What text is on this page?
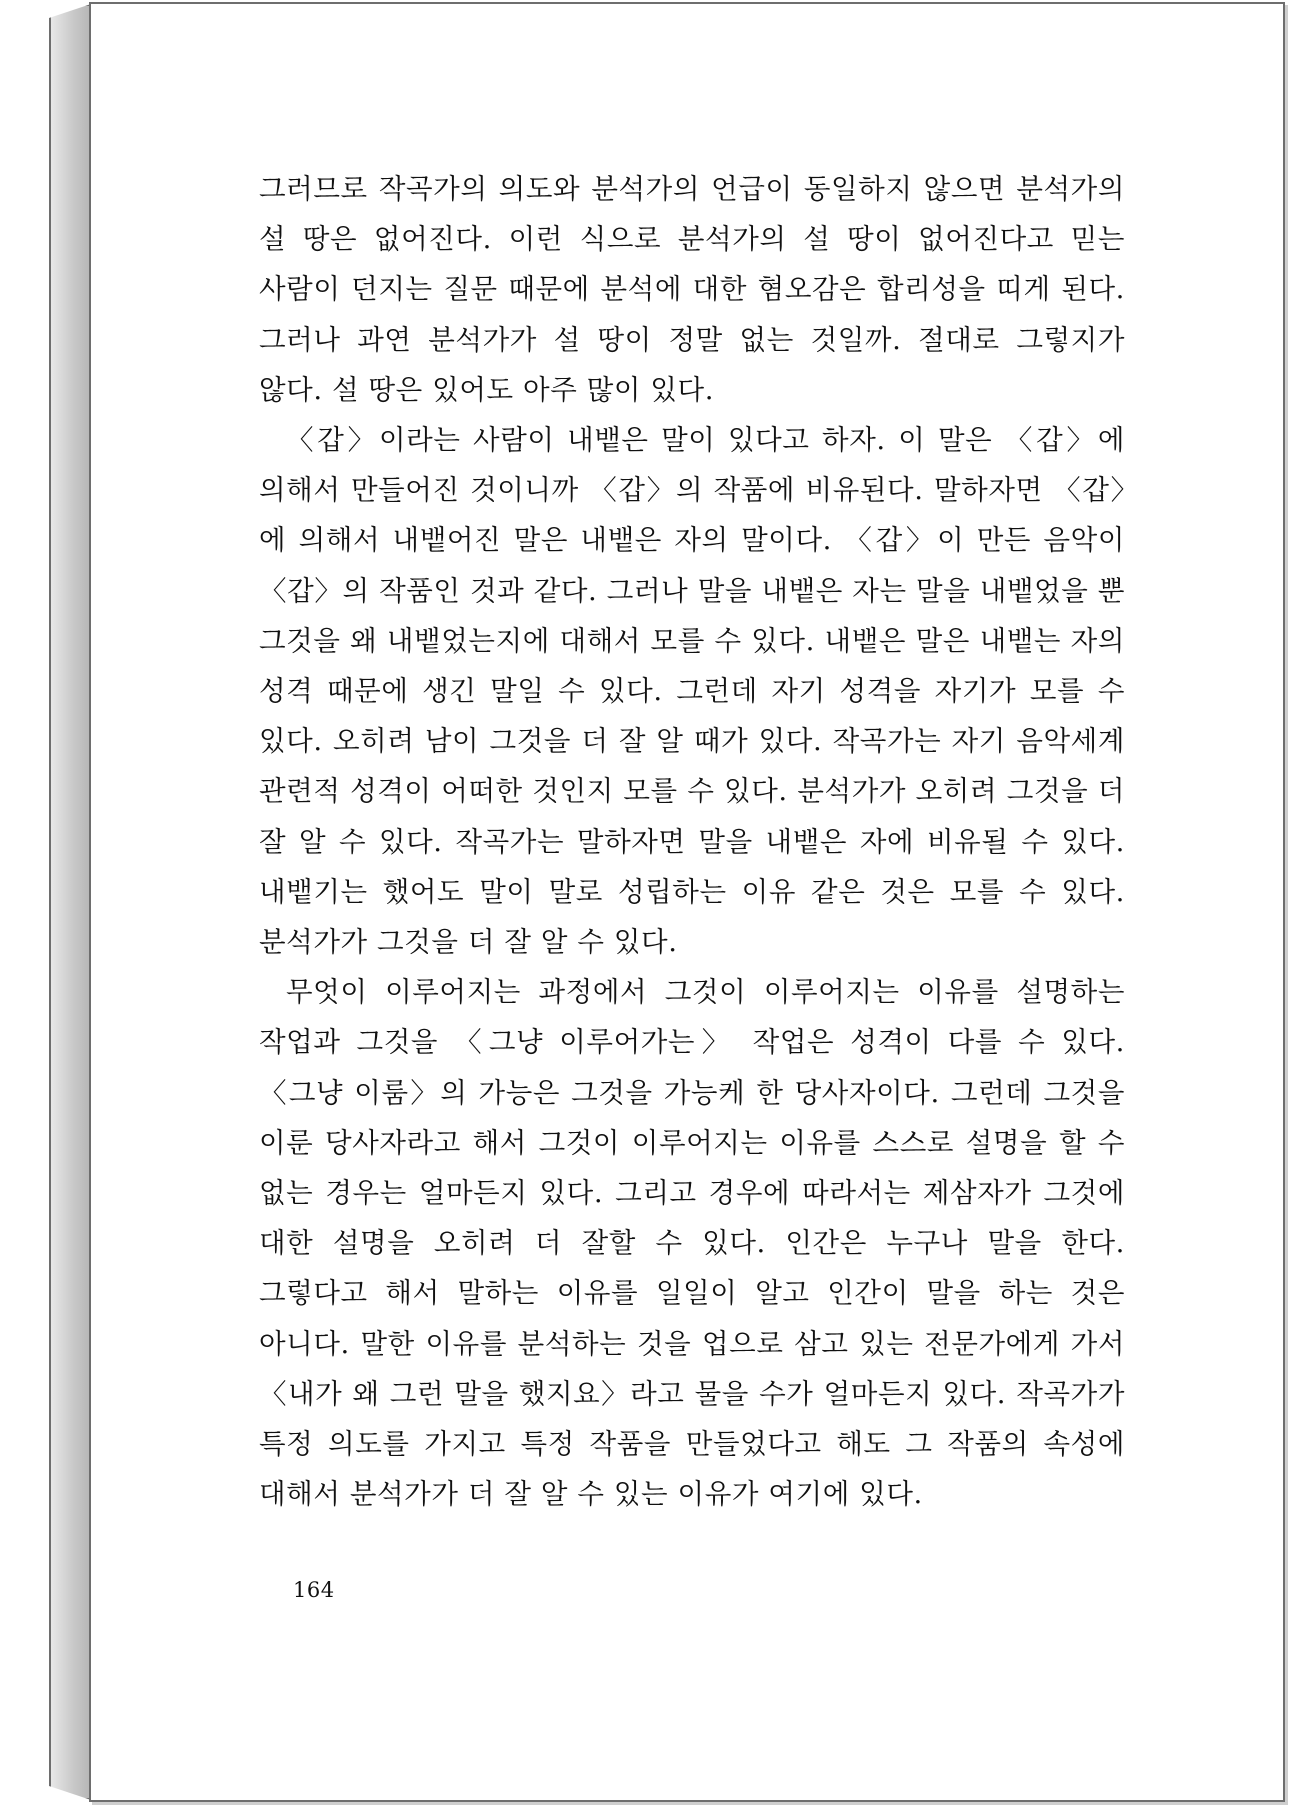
그러므로 작곡가의 의도와 분석가의 언급이 동일하지 않으면 분석가의 설 땅은 없어진다. 이런 식으로 분석가의 설 땅이 없어진다고 믿는 사람이 던지는 질문 때문에 분석에 대한 혐오감은 합리성을 띠게 된다. 그러나 과연 분석가가 설 땅이 정말 없는 것일까. 절대로 그렇지가 않다. 설 땅은 있어도 아주 많이 있다.

〈갑〉이라는 사람이 내뱉은 말이 있다고 하자. 이 말은 〈갑〉에 의해서 만들어진 것이니까 〈갑〉의 작품에 비유된다. 말하자면 〈갑〉에 의해서 내뱉어진 말은 내뱉은 자의 말이다. 〈갑〉이 만든 음악이 〈갑〉의 작품인 것과 같다. 그러나 말을 내뱉은 자는 말을 내뱉었을 뿐 그것을 왜 내뱉었는지에 대해서 모를 수 있다. 내뱉은 말은 내뱉는 자의 성격 때문에 생긴 말일 수 있다. 그런데 자기 성격을 자기가 모를 수 있다. 오히려 남이 그것을 더 잘 알 때가 있다. 작곡가는 자기 음악세계 관련적 성격이 어떠한 것인지 모를 수 있다. 분석가가 오히려 그것을 더 잘 알 수 있다. 작곡가는 말하자면 말을 내뱉은 자에 비유될 수 있다. 내뱉기는 했어도 말이 말로 성립하는 이유 같은 것은 모를 수 있다. 분석가가 그것을 더 잘 알 수 있다.

무엇이 이루어지는 과정에서 그것이 이루어지는 이유를 설명하는 작업과 그것을 〈그냥 이루어가는〉 작업은 성격이 다를 수 있다. 〈그냥 이룸〉의 가능은 그것을 가능케 한 당사자이다. 그런데 그것을 이룬 당사자라고 해서 그것이 이루어지는 이유를 스스로 설명을 할 수 없는 경우는 얼마든지 있다. 그리고 경우에 따라서는 제삼자가 그것에 대한 설명을 오히려 더 잘할 수 있다. 인간은 누구나 말을 한다. 그렇다고 해서 말하는 이유를 일일이 알고 인간이 말을 하는 것은 아니다. 말한 이유를 분석하는 것을 업으로 삼고 있는 전문가에게 가서 〈내가 왜 그런 말을 했지요〉라고 물을 수가 얼마든지 있다. 작곡가가 특정 의도를 가지고 특정 작품을 만들었다고 해도 그 작품의 속성에 대해서 분석가가 더 잘 알 수 있는 이유가 여기에 있다.

164
